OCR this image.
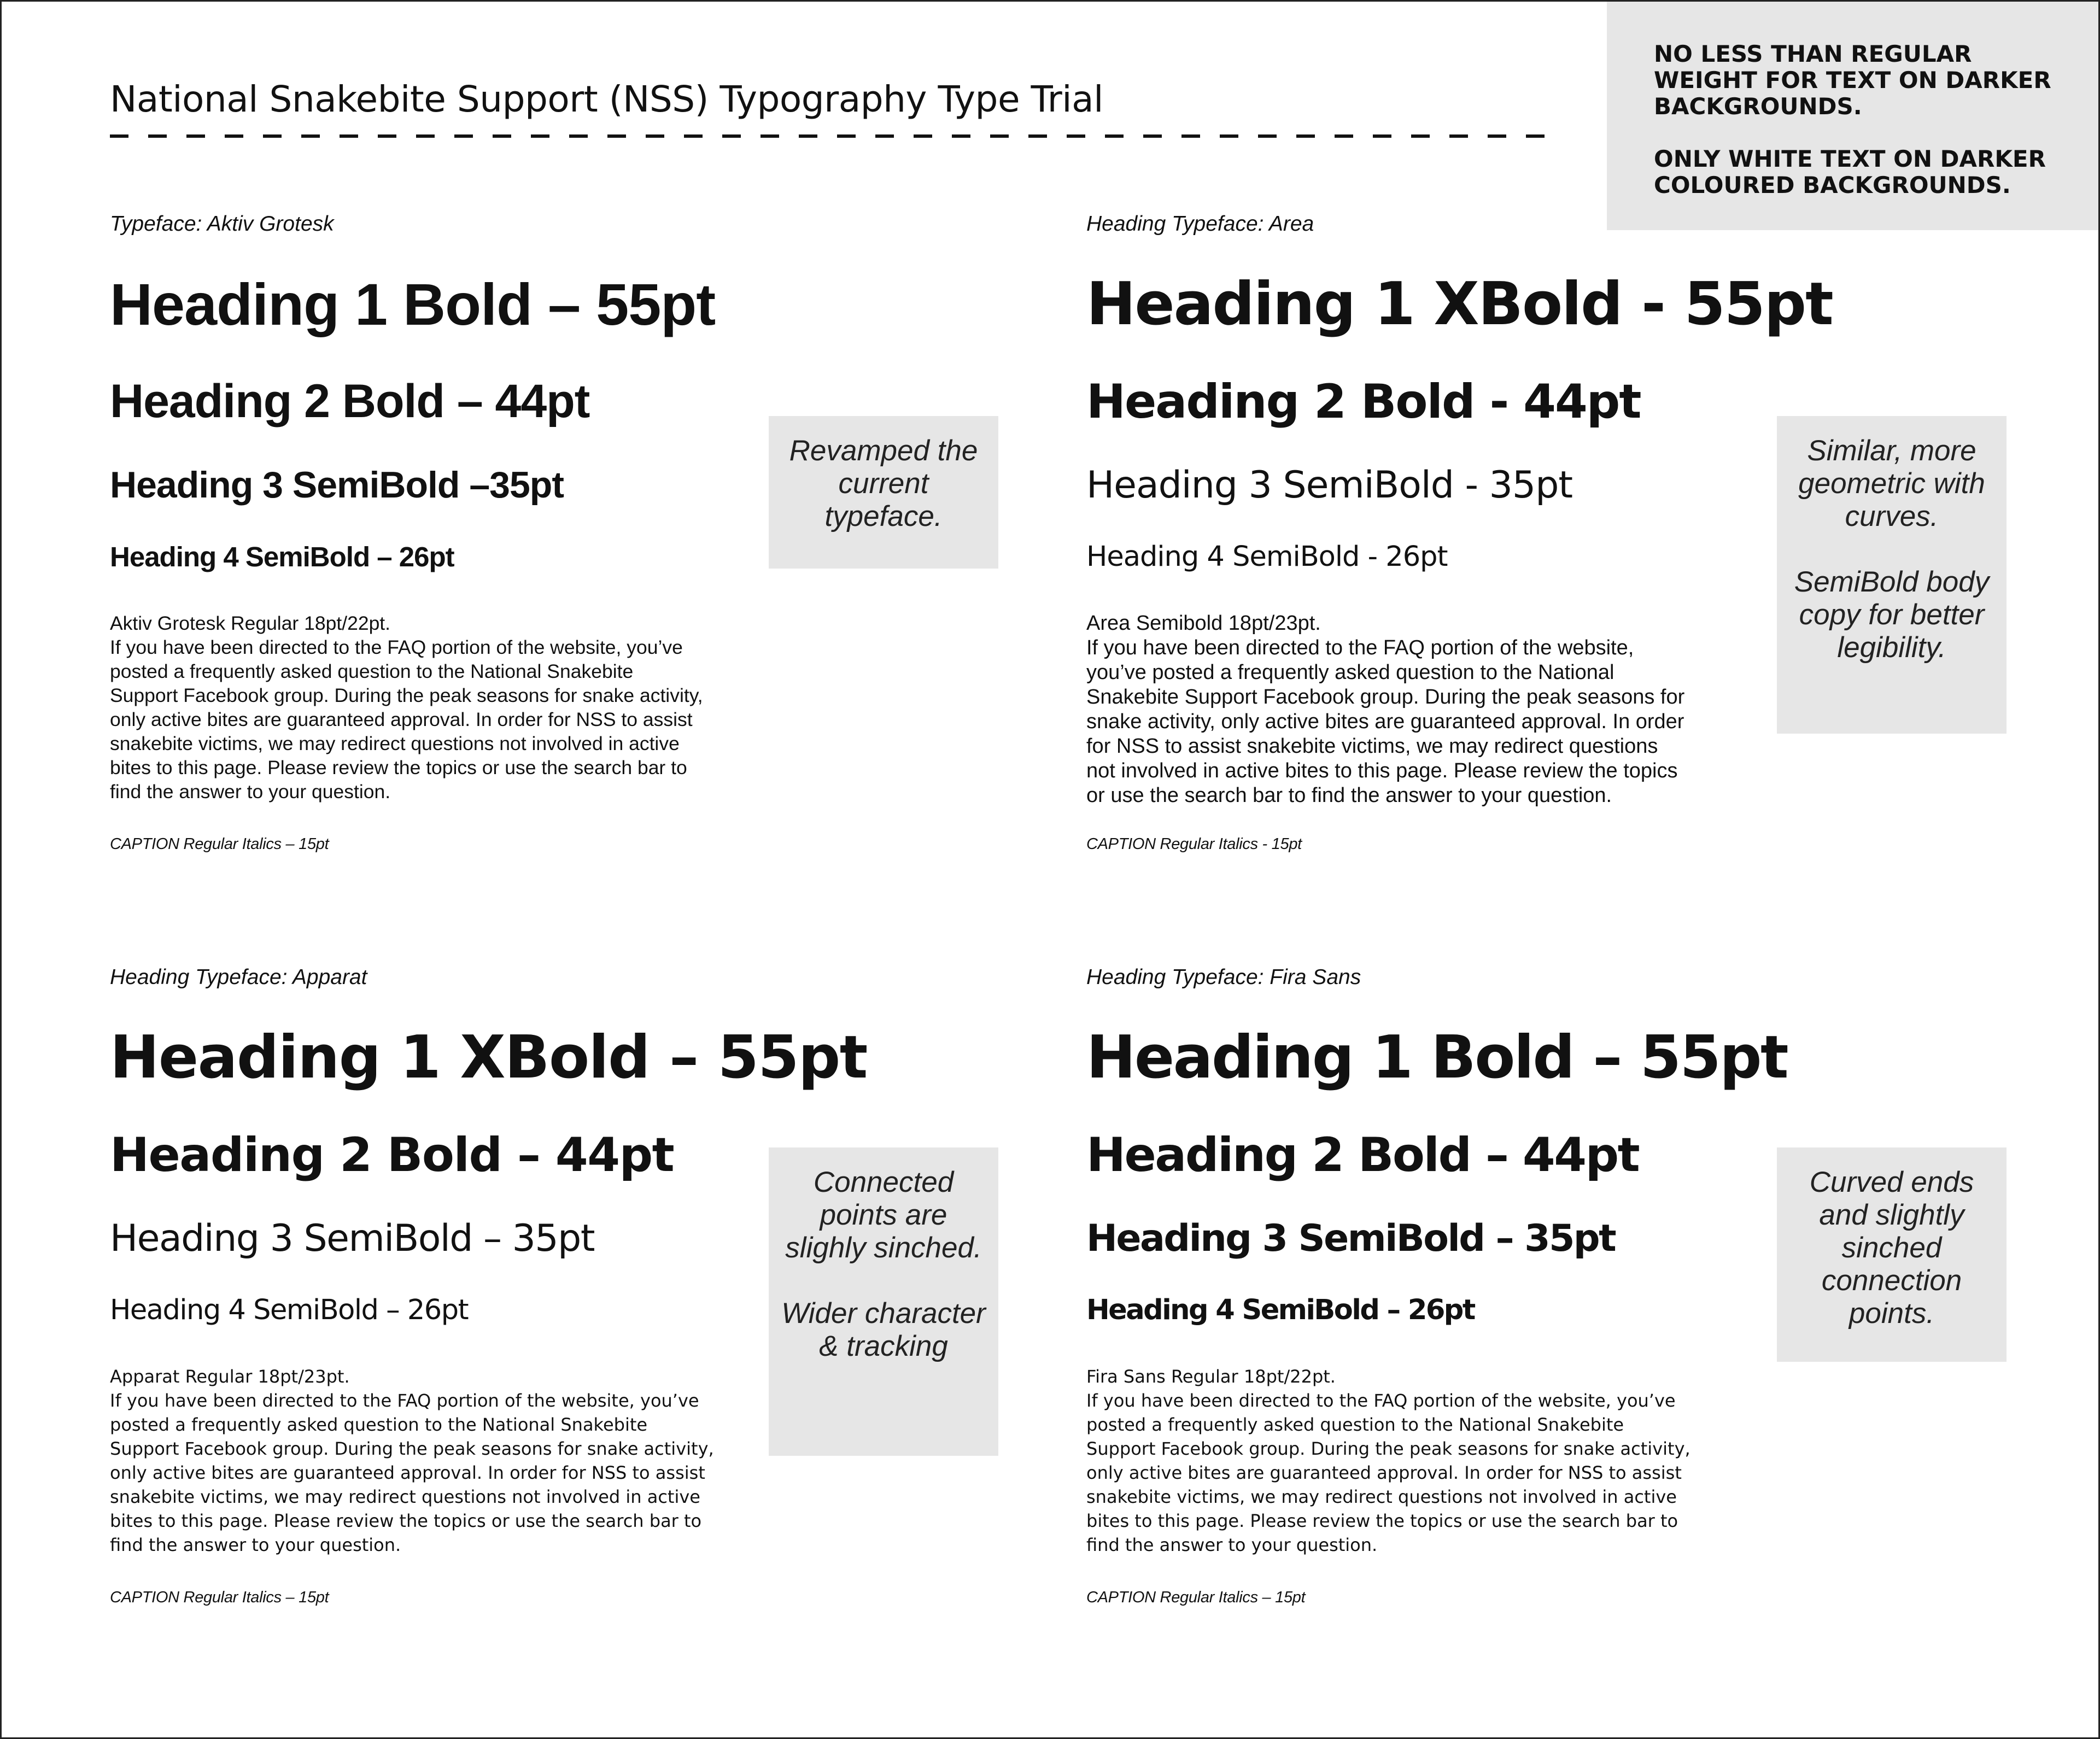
National Snakebite Support (NSS) Typography Type Trial

NO LESS THAN REGULAR WEIGHT FOR TEXT ON DARKER BACKGROUNDS.

ONLY WHITE TEXT ON DARKER COLOURED BACKGROUNDS.

Typeface: Aktiv Grotesk

Heading 1 Bold – 55pt
Heading 2 Bold – 44pt
Heading 3 SemiBold –35pt
Heading 4 SemiBold – 26pt
Aktiv Grotesk Regular 18pt/22pt.
If you have been directed to the FAQ portion of the website, you’ve
posted a frequently asked question to the National Snakebite
Support Facebook group. During the peak seasons for snake activity,
only active bites are guaranteed approval. In order for NSS to assist
snakebite victims, we may redirect questions not involved in active
bites to this page. Please review the topics or use the search bar to
find the answer to your question.

CAPTION Regular Italics – 15pt

Revamped the current typeface.

Heading Typeface: Area

Heading 1 XBold - 55pt
Heading 2 Bold - 44pt
Heading 3 SemiBold - 35pt
Heading 4 SemiBold - 26pt
Area Semibold 18pt/23pt.
If you have been directed to the FAQ portion of the website,
you’ve posted a frequently asked question to the National
Snakebite Support Facebook group. During the peak seasons for
snake activity, only active bites are guaranteed approval. In order
for NSS to assist snakebite victims, we may redirect questions
not involved in active bites to this page. Please review the topics
or use the search bar to find the answer to your question.

CAPTION Regular Italics - 15pt

Similar, more geometric with curves.

SemiBold body copy for better legibility.

Heading Typeface: Apparat

Heading 1 XBold – 55pt
Heading 2 Bold – 44pt
Heading 3 SemiBold – 35pt
Heading 4 SemiBold – 26pt
Apparat Regular 18pt/23pt.
If you have been directed to the FAQ portion of the website, you’ve
posted a frequently asked question to the National Snakebite
Support Facebook group. During the peak seasons for snake activity,
only active bites are guaranteed approval. In order for NSS to assist
snakebite victims, we may redirect questions not involved in active
bites to this page. Please review the topics or use the search bar to
find the answer to your question.

CAPTION Regular Italics – 15pt

Connected points are slighly sinched.

Wider character & tracking

Heading Typeface: Fira Sans

Heading 1 Bold – 55pt
Heading 2 Bold – 44pt
Heading 3 SemiBold – 35pt
Heading 4 SemiBold – 26pt
Fira Sans Regular 18pt/22pt.
If you have been directed to the FAQ portion of the website, you’ve
posted a frequently asked question to the National Snakebite
Support Facebook group. During the peak seasons for snake activity,
only active bites are guaranteed approval. In order for NSS to assist
snakebite victims, we may redirect questions not involved in active
bites to this page. Please review the topics or use the search bar to
find the answer to your question.

CAPTION Regular Italics – 15pt

Curved ends and slightly sinched connection points.
